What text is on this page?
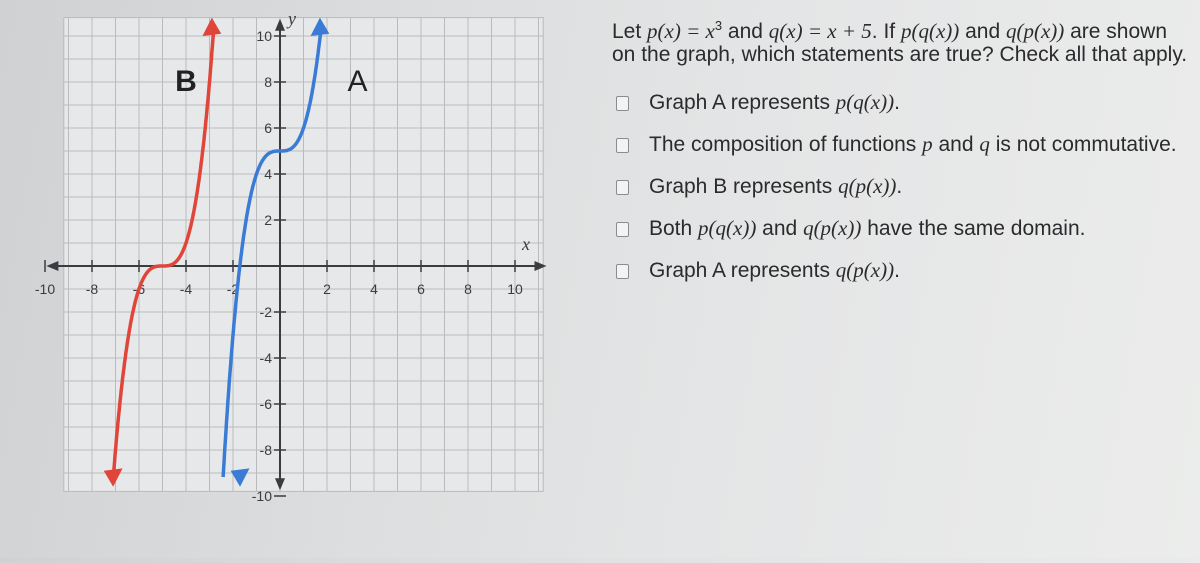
-10 -8 -6 -4 -2	2	4	6	8	10
10
8
6
4
2
-2
-4
-6
-8
-10
x
y
A
B

Let $p(x) = x^3$ and q(x) = x + 5. If p(q(x)) and q(p(x)) are shown on the graph, which statements are true? Check all that apply.

Graph A represents p(q(x)).
The composition of functions p and q is not commutative.
Graph B represents q(p(x)).
Both p(q(x)) and q(p(x)) have the same domain.
Graph A represents q(p(x)).
